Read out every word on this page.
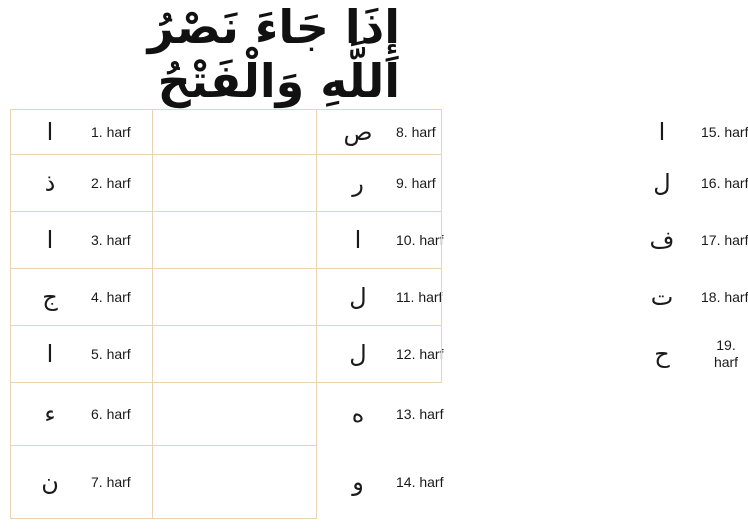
إِذَا جَاءَ نَصْرُ اللَّهِ وَالْفَتْحُ
ا	1. harf
ذ	2. harf
ا	3. harf
ج	4. harf
ا	5. harf
ء	6. harf
ن	7. harf
ص 8. harf
ر	9. harf
ا	10. harf
ل	11. harf
ل	12. harf
ه	13. harf
و	14. harf
ا	15. harf
ل	16. harf
ف 17. harf
ت 18. harf
ح	19. harf
